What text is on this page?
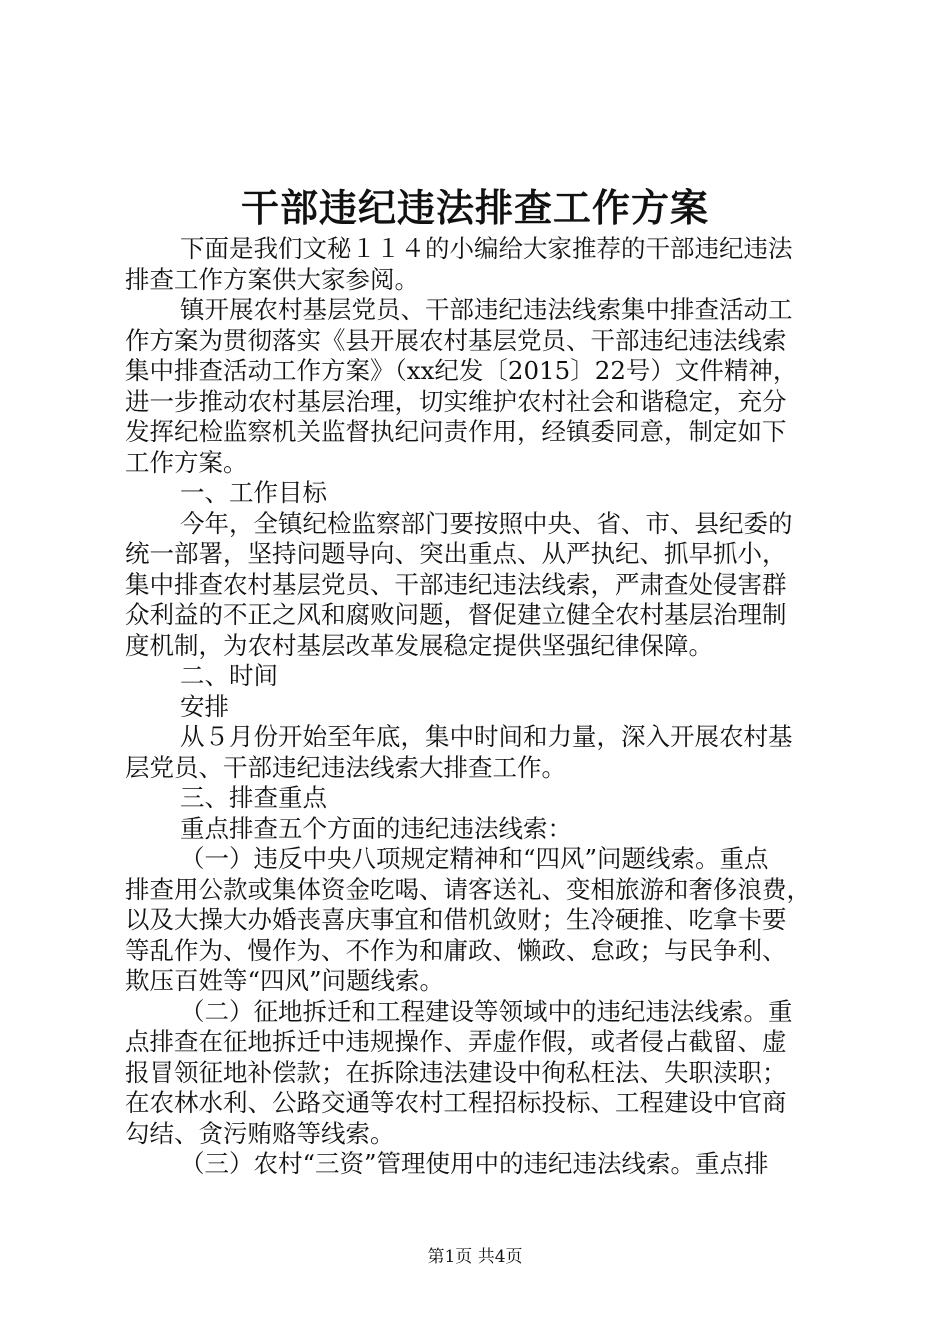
干部违纪违法排查工作方案
下面是我们文秘１１４的小编给大家推荐的干部违纪违法
排查工作方案供大家参阅。
镇开展农村基层党员、干部违纪违法线索集中排查活动工
作方案为贯彻落实《县开展农村基层党员、干部违纪违法线索
集中排查活动工作方案》（xx纪发〔2015〕22号）文件精神，
进一步推动农村基层治理，切实维护农村社会和谐稳定，充分
发挥纪检监察机关监督执纪问责作用，经镇委同意，制定如下
工作方案。
一、工作目标
今年，全镇纪检监察部门要按照中央、省、市、县纪委的
统一部署，坚持问题导向、突出重点、从严执纪、抓早抓小，
集中排查农村基层党员、干部违纪违法线索，严肃查处侵害群
众利益的不正之风和腐败问题，督促建立健全农村基层治理制
度机制，为农村基层改革发展稳定提供坚强纪律保障。
二、时间
安排
从５月份开始至年底，集中时间和力量，深入开展农村基
层党员、干部违纪违法线索大排查工作。
三、排查重点
重点排查五个方面的违纪违法线索：
（一）违反中央八项规定精神和“四风”问题线索。重点
排查用公款或集体资金吃喝、请客送礼、变相旅游和奢侈浪费，
以及大操大办婚丧喜庆事宜和借机敛财；生冷硬推、吃拿卡要
等乱作为、慢作为、不作为和庸政、懒政、怠政；与民争利、
欺压百姓等“四风”问题线索。
（二）征地拆迁和工程建设等领域中的违纪违法线索。重
点排查在征地拆迁中违规操作、弄虚作假，或者侵占截留、虚
报冒领征地补偿款；在拆除违法建设中徇私枉法、失职渎职；
在农林水利、公路交通等农村工程招标投标、工程建设中官商
勾结、贪污贿赂等线索。
（三）农村“三资”管理使用中的违纪违法线索。重点排
第1页 共4页
